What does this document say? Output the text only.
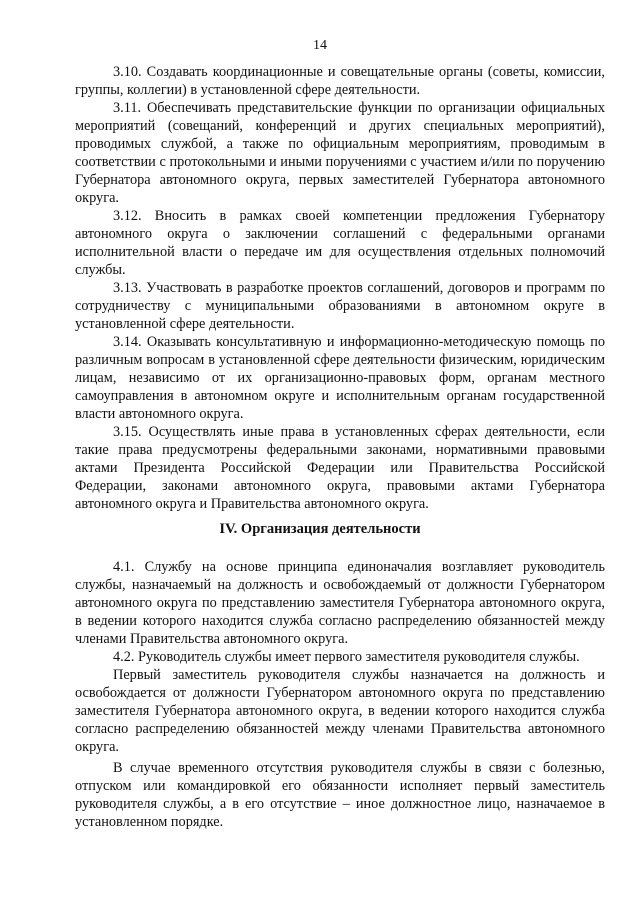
14

3.10. Создавать координационные и совещательные органы (советы, комиссии, группы, коллегии) в установленной сфере деятельности.

3.11. Обеспечивать представительские функции по организации официальных мероприятий (совещаний, конференций и других специальных мероприятий), проводимых службой, а также по официальным мероприятиям, проводимым в соответствии с протокольными и иными поручениями с участием и/или по поручению Губернатора автономного округа, первых заместителей Губернатора автономного округа.

3.12. Вносить в рамках своей компетенции предложения Губернатору автономного округа о заключении соглашений с федеральными органами исполнительной власти о передаче им для осуществления отдельных полномочий службы.

3.13. Участвовать в разработке проектов соглашений, договоров и программ по сотрудничеству с муниципальными образованиями в автономном округе в установленной сфере деятельности.

3.14. Оказывать консультативную и информационно-методическую помощь по различным вопросам в установленной сфере деятельности физическим, юридическим лицам, независимо от их организационно-правовых форм, органам местного самоуправления в автономном округе и исполнительным органам государственной власти автономного округа.

3.15. Осуществлять иные права в установленных сферах деятельности, если такие права предусмотрены федеральными законами, нормативными правовыми актами Президента Российской Федерации или Правительства Российской Федерации, законами автономного округа, правовыми актами Губернатора автономного округа и Правительства автономного округа.

IV. Организация деятельности

4.1. Службу на основе принципа единоначалия возглавляет руководитель службы, назначаемый на должность и освобождаемый от должности Губернатором автономного округа по представлению заместителя Губернатора автономного округа, в ведении которого находится служба согласно распределению обязанностей между членами Правительства автономного округа.

4.2. Руководитель службы имеет первого заместителя руководителя службы.

Первый заместитель руководителя службы назначается на должность и освобождается от должности Губернатором автономного округа по представлению заместителя Губернатора автономного округа, в ведении которого находится служба согласно распределению обязанностей между членами Правительства автономного округа.

В случае временного отсутствия руководителя службы в связи с болезнью, отпуском или командировкой его обязанности исполняет первый заместитель руководителя службы, а в его отсутствие – иное должностное лицо, назначаемое в установленном порядке.
